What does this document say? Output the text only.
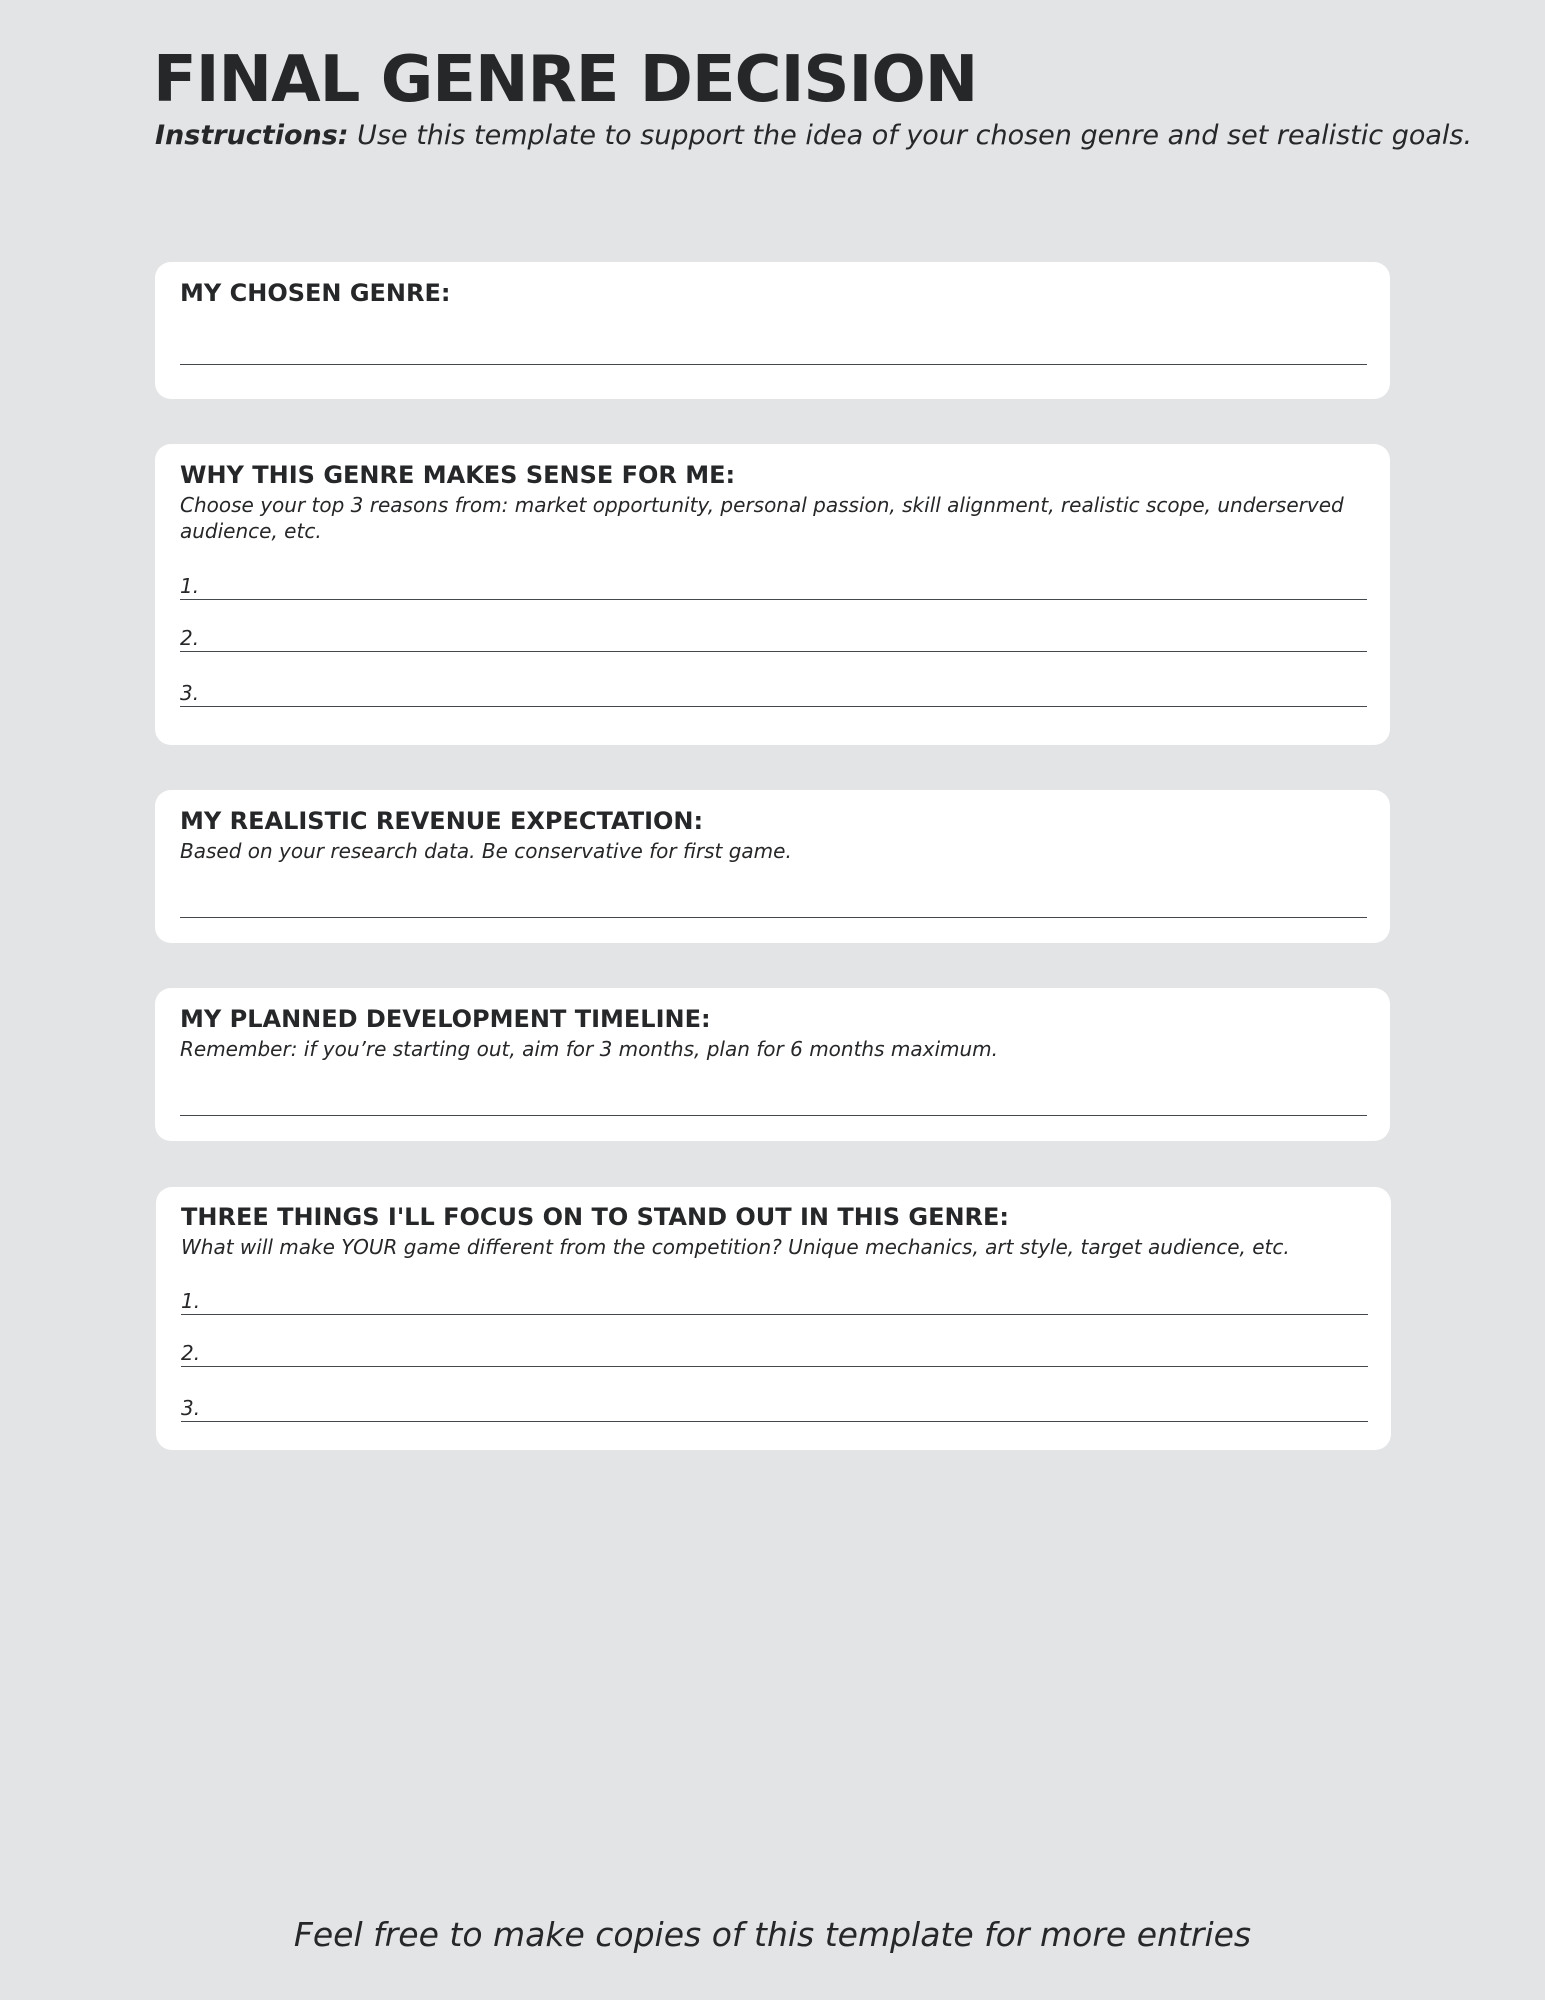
FINAL GENRE DECISION
Instructions: Use this template to support the idea of your chosen genre and set realistic goals.
MY CHOSEN GENRE:
WHY THIS GENRE MAKES SENSE FOR ME:

Choose your top 3 reasons from: market opportunity, personal passion, skill alignment, realistic scope, underserved audience, etc.

1.
2.
3.
MY REALISTIC REVENUE EXPECTATION:

Based on your research data. Be conservative for first game.

MY PLANNED DEVELOPMENT TIMELINE:

Remember: if you’re starting out, aim for 3 months, plan for 6 months maximum.

THREE THINGS I'LL FOCUS ON TO STAND OUT IN THIS GENRE:

What will make YOUR game different from the competition? Unique mechanics, art style, target audience, etc.

1.
2.
3.
Feel free to make copies of this template for more entries
